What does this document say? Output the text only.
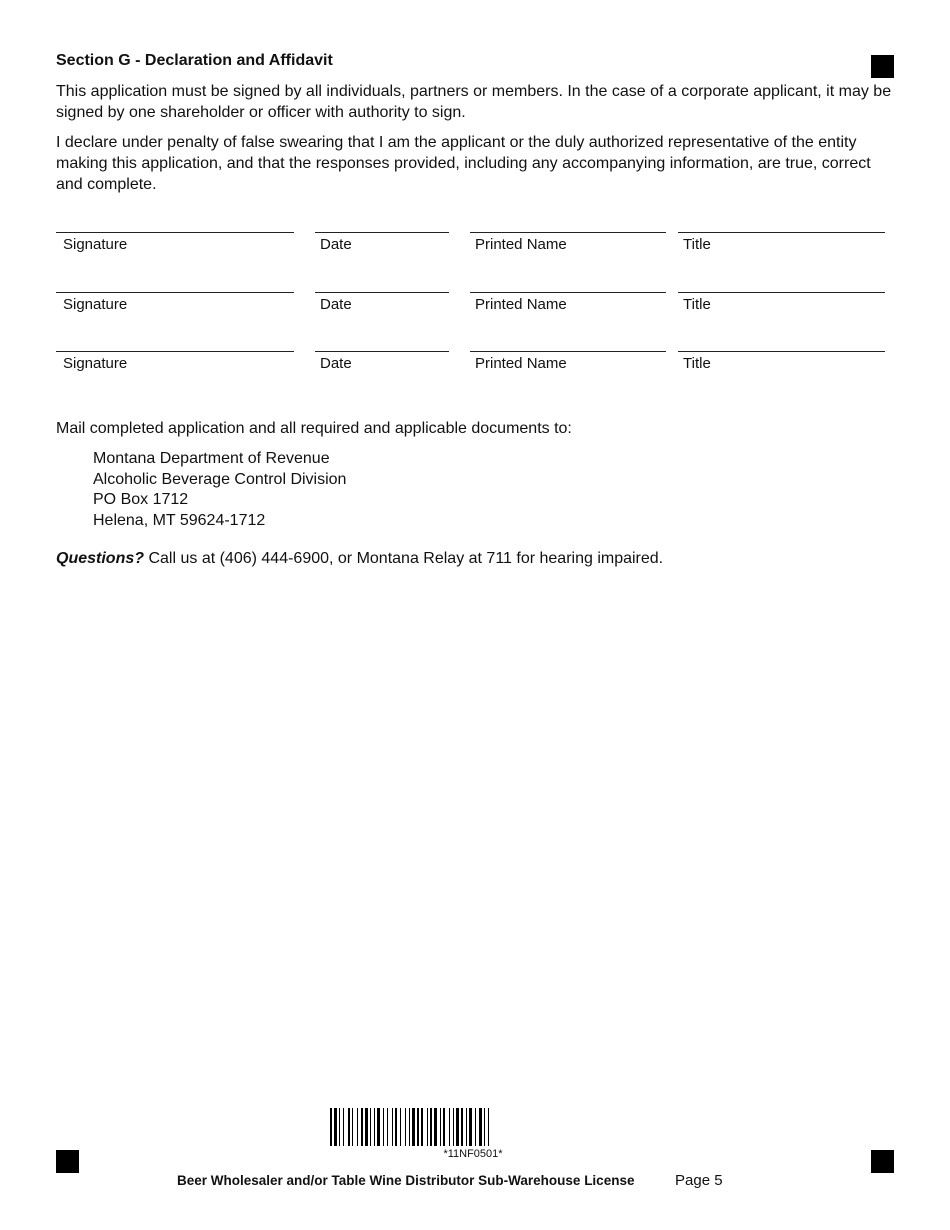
Section G - Declaration and Affidavit

This application must be signed by all individuals, partners or members. In the case of a corporate applicant, it may be signed by one shareholder or officer with authority to sign.

I declare under penalty of false swearing that I am the applicant or the duly authorized representative of the entity making this application, and that the responses provided, including any accompanying information, are true, correct and complete.

Signature	Date	Printed Name	Title
Signature	Date	Printed Name	Title
Signature	Date	Printed Name	Title

Mail completed application and all required and applicable documents to:

Montana Department of Revenue
Alcoholic Beverage Control Division
PO Box 1712
Helena, MT 59624-1712

Questions? Call us at (406) 444-6900, or Montana Relay at 711 for hearing impaired.

*11NF0501*
Beer Wholesaler and/or Table Wine Distributor Sub-Warehouse License	Page 5
